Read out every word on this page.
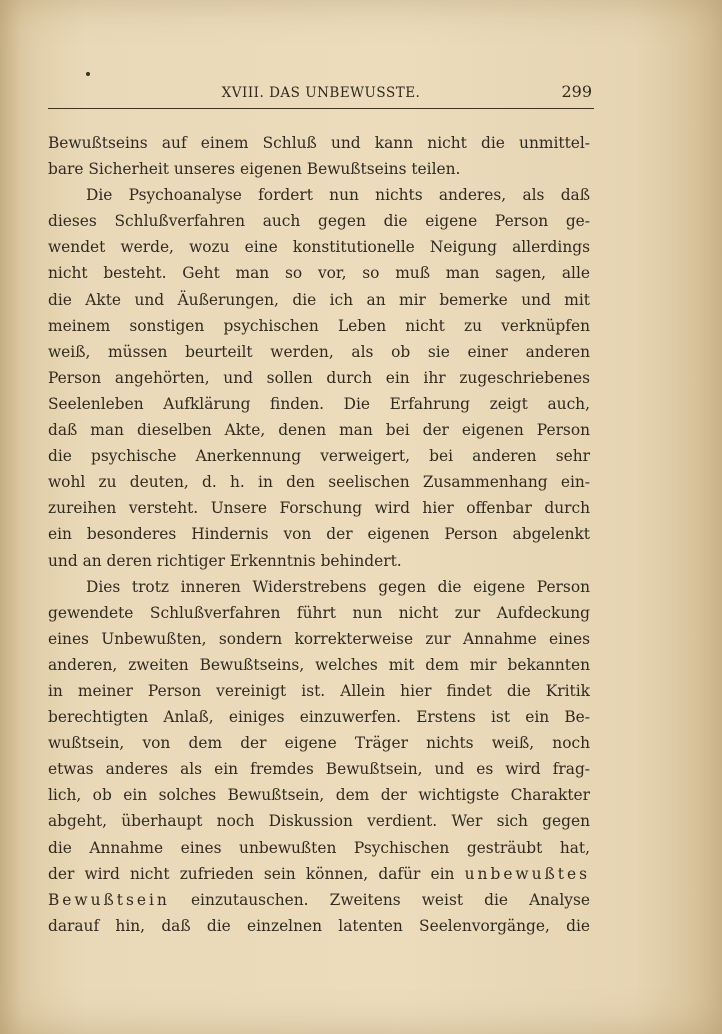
XVIII. DAS UNBEWUSSTE.	299
Bewußtseins auf einem Schluß und kann nicht die unmittel-
bare Sicherheit unseres eigenen Bewußtseins teilen.
Die Psychoanalyse fordert nun nichts anderes, als daß
dieses Schlußverfahren auch gegen die eigene Person ge-
wendet werde, wozu eine konstitutionelle Neigung allerdings
nicht besteht. Geht man so vor, so muß man sagen, alle
die Akte und Äußerungen, die ich an mir bemerke und mit
meinem sonstigen psychischen Leben nicht zu verknüpfen
weiß, müssen beurteilt werden, als ob sie einer anderen
Person angehörten, und sollen durch ein ihr zugeschriebenes
Seelenleben Aufklärung finden. Die Erfahrung zeigt auch,
daß man dieselben Akte, denen man bei der eigenen Person
die psychische Anerkennung verweigert, bei anderen sehr
wohl zu deuten, d. h. in den seelischen Zusammenhang ein-
zureihen versteht. Unsere Forschung wird hier offenbar durch
ein besonderes Hindernis von der eigenen Person abgelenkt
und an deren richtiger Erkenntnis behindert.
Dies trotz inneren Widerstrebens gegen die eigene Person
gewendete Schlußverfahren führt nun nicht zur Aufdeckung
eines Unbewußten, sondern korrekterweise zur Annahme eines
anderen, zweiten Bewußtseins, welches mit dem mir bekannten
in meiner Person vereinigt ist. Allein hier findet die Kritik
berechtigten Anlaß, einiges einzuwerfen. Erstens ist ein Be-
wußtsein, von dem der eigene Träger nichts weiß, noch
etwas anderes als ein fremdes Bewußtsein, und es wird frag-
lich, ob ein solches Bewußtsein, dem der wichtigste Charakter
abgeht, überhaupt noch Diskussion verdient. Wer sich gegen
die Annahme eines unbewußten Psychischen gesträubt hat,
der wird nicht zufrieden sein können, dafür ein unbewußtes
Bewußtsein einzutauschen. Zweitens weist die Analyse
darauf hin, daß die einzelnen latenten Seelenvorgänge, die
